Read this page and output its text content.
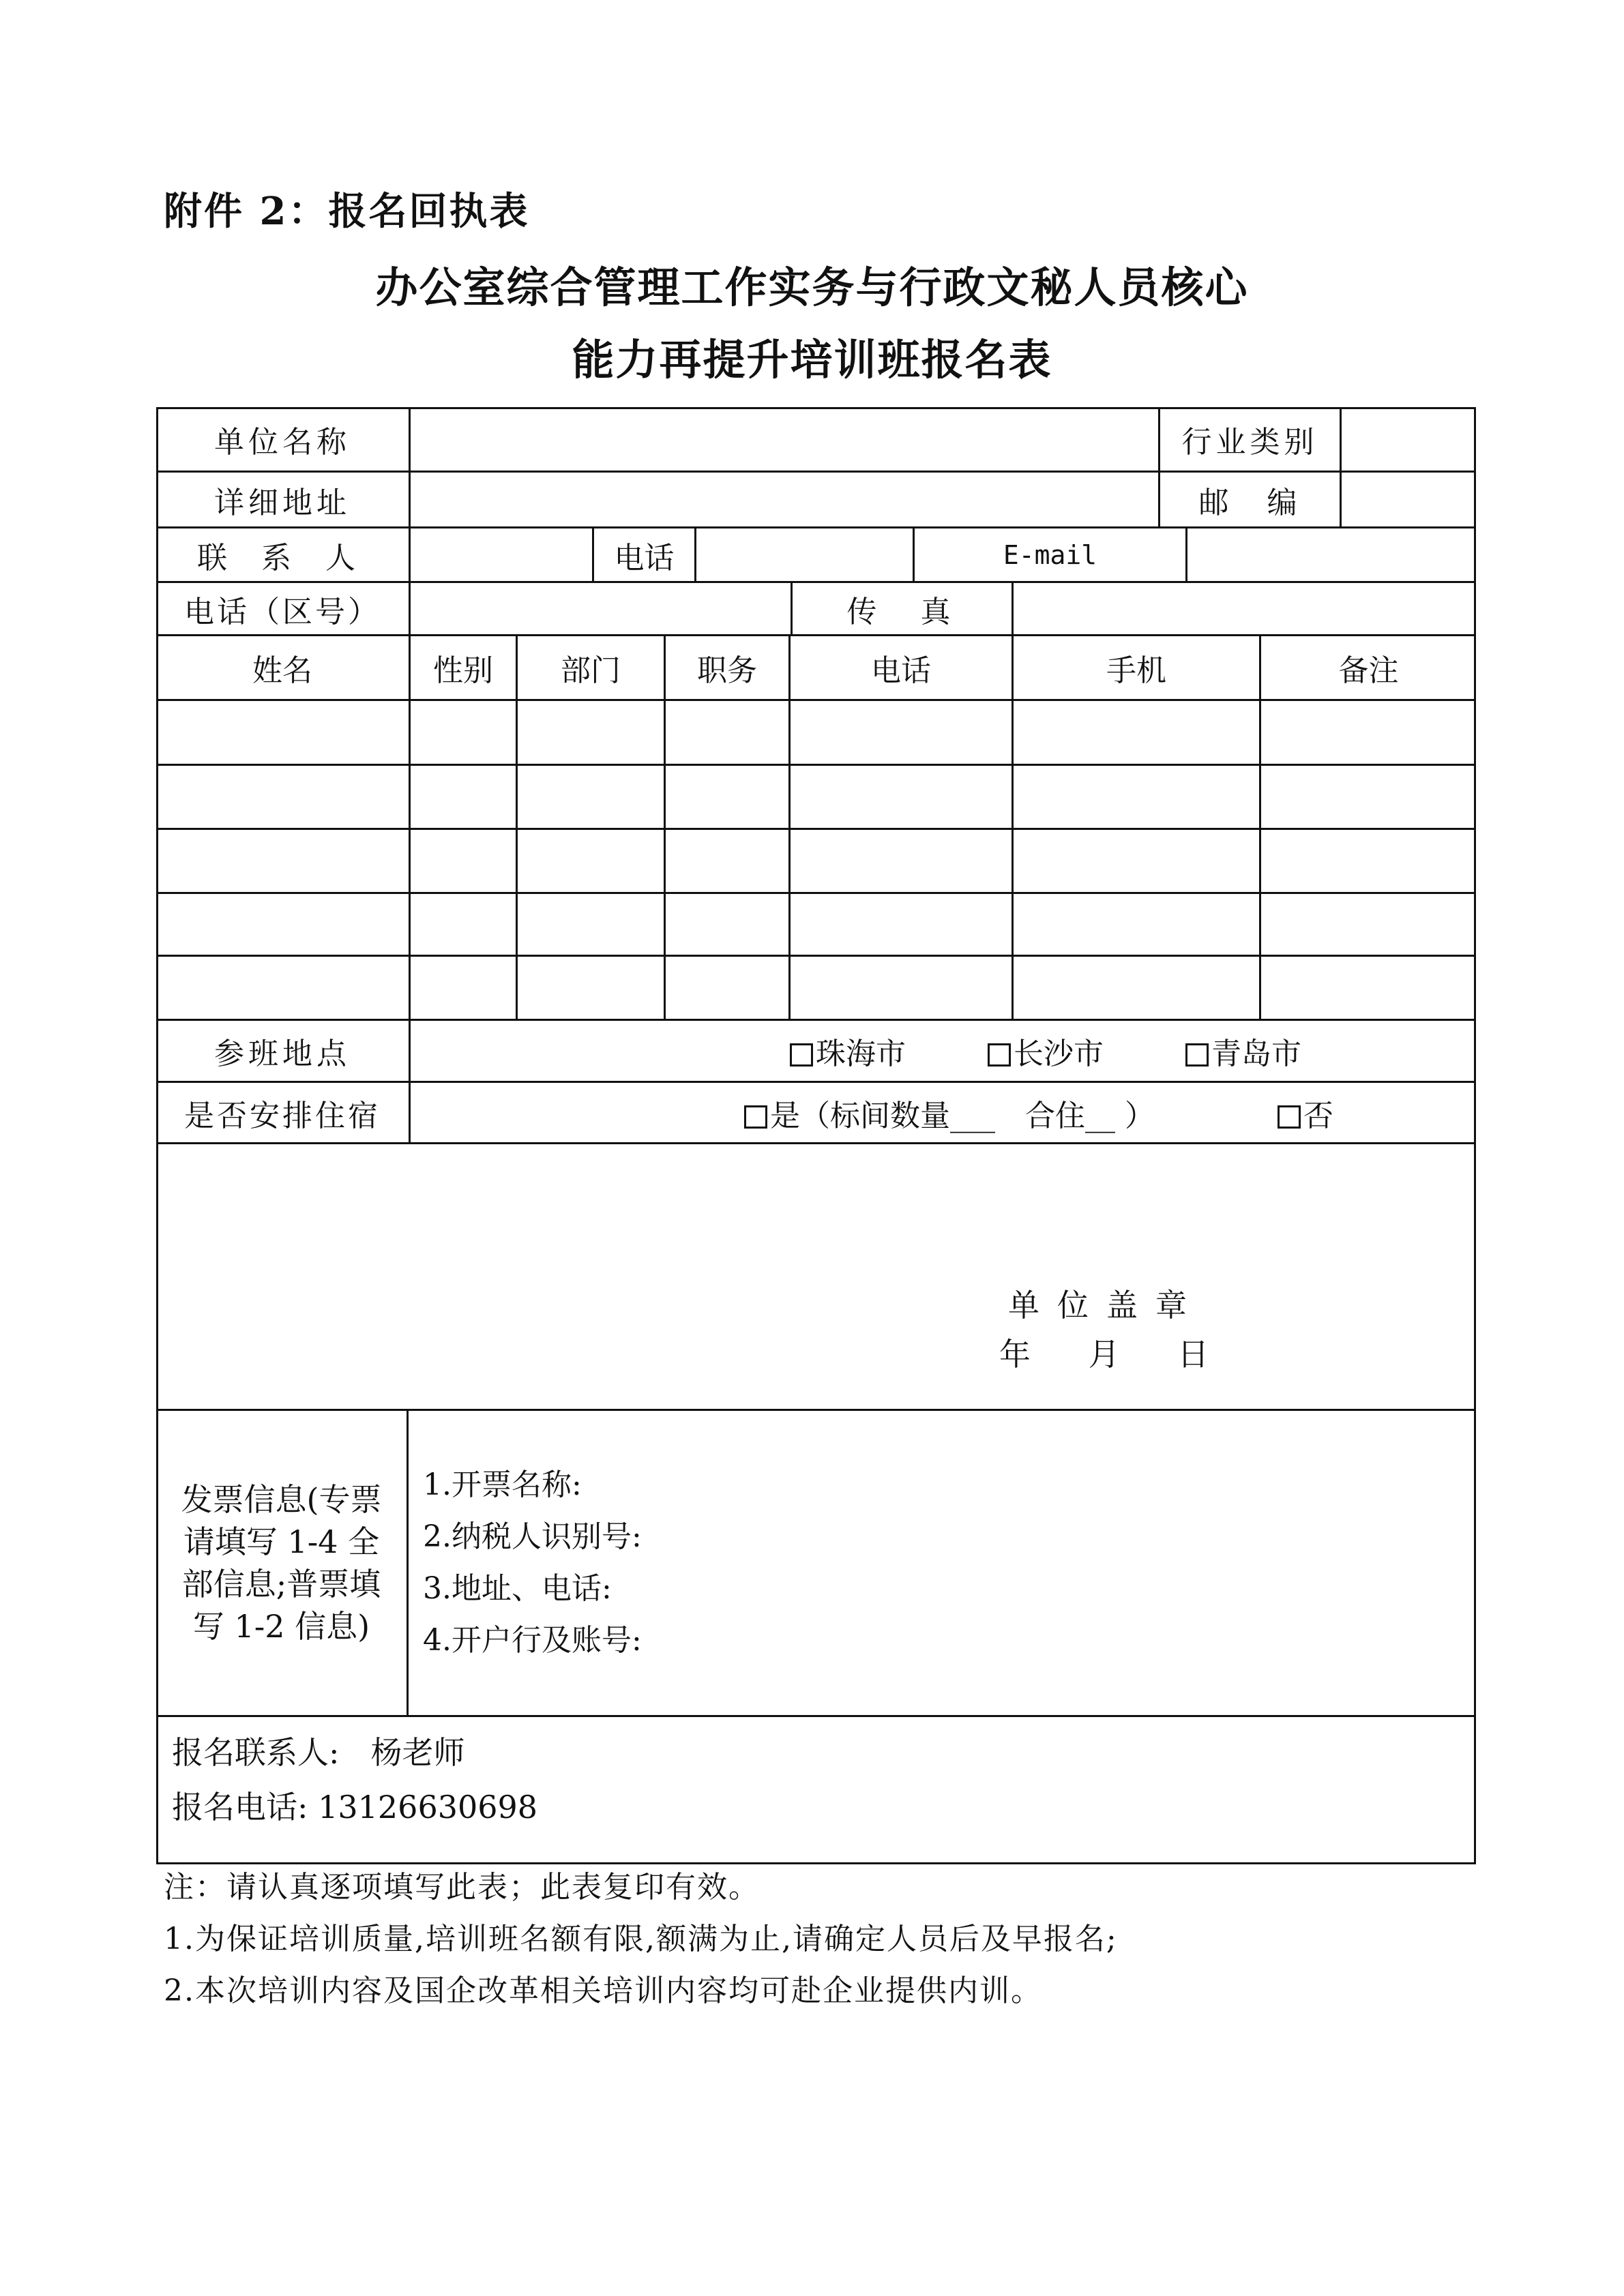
附件 2：报名回执表
办公室综合管理工作实务与行政文秘人员核心
能力再提升培训班报名表
单位名称	行业类别
详细地址	邮　编
联 系 人	电话	E-mail
电话（区号）	传　真
姓名	性别	部门	职务	电话	手机	备注
参班地点	珠海市	长沙市	青岛市
是否安排住宿	是（标间数量___　合住__ ）	否
单位盖章
年 月 日
发票信息(专票请填写 1-4 全部信息;普票填写 1-2 信息)
1.开票名称:
2.纳税人识别号:
3.地址、电话:
4.开户行及账号:
报名联系人:　杨老师
报名电话: 13126630698
注：请认真逐项填写此表；此表复印有效。
1.为保证培训质量,培训班名额有限,额满为止,请确定人员后及早报名;
2.本次培训内容及国企改革相关培训内容均可赴企业提供内训。
